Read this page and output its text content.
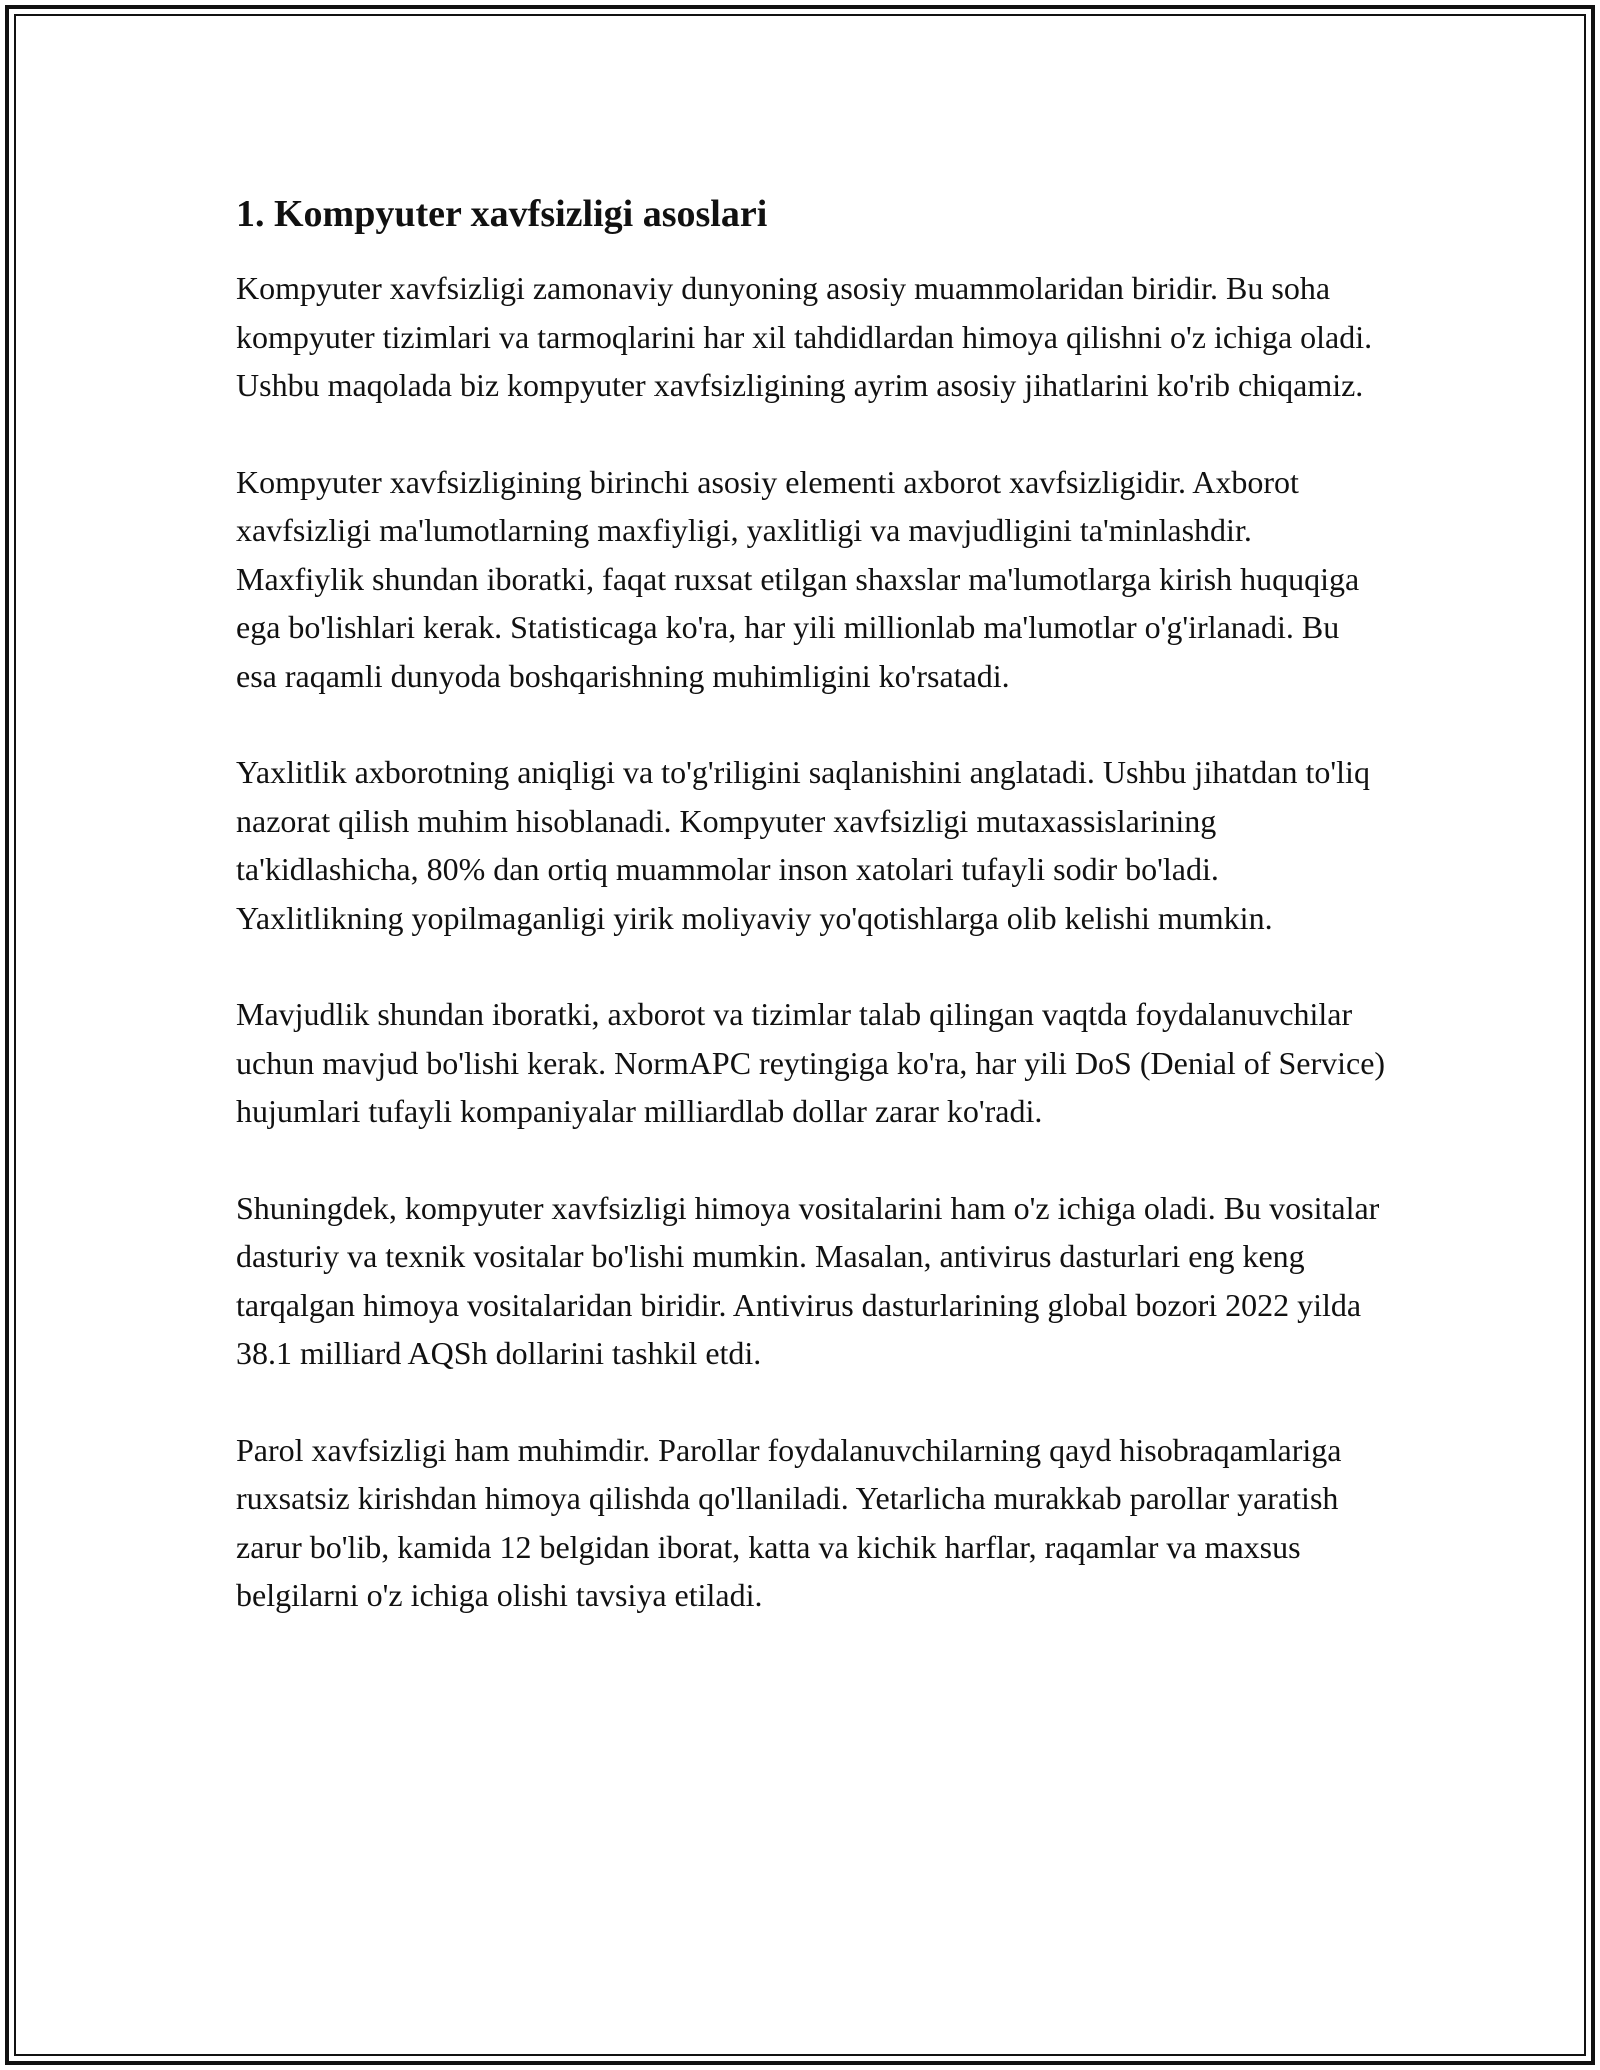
1. Kompyuter xavfsizligi asoslari

Kompyuter xavfsizligi zamonaviy dunyoning asosiy muammolaridan biridir. Bu soha kompyuter tizimlari va tarmoqlarini har xil tahdidlardan himoya qilishni o'z ichiga oladi. Ushbu maqolada biz kompyuter xavfsizligining ayrim asosiy jihatlarini ko'rib chiqamiz.

Kompyuter xavfsizligining birinchi asosiy elementi axborot xavfsizligidir. Axborot xavfsizligi ma'lumotlarning maxfiyligi, yaxlitligi va mavjudligini ta'minlashdir. Maxfiylik shundan iboratki, faqat ruxsat etilgan shaxslar ma'lumotlarga kirish huquqiga ega bo'lishlari kerak. Statisticaga ko'ra, har yili millionlab ma'lumotlar o'g'irlanadi. Bu esa raqamli dunyoda boshqarishning muhimligini ko'rsatadi.

Yaxlitlik axborotning aniqligi va to'g'riligini saqlanishini anglatadi. Ushbu jihatdan to'liq nazorat qilish muhim hisoblanadi. Kompyuter xavfsizligi mutaxassislarining ta'kidlashicha, 80% dan ortiq muammolar inson xatolari tufayli sodir bo'ladi. Yaxlitlikning yopilmaganligi yirik moliyaviy yo'qotishlarga olib kelishi mumkin.

Mavjudlik shundan iboratki, axborot va tizimlar talab qilingan vaqtda foydalanuvchilar uchun mavjud bo'lishi kerak. NormAPC reytingiga ko'ra, har yili DoS (Denial of Service) hujumlari tufayli kompaniyalar milliardlab dollar zarar ko'radi.

Shuningdek, kompyuter xavfsizligi himoya vositalarini ham o'z ichiga oladi. Bu vositalar dasturiy va texnik vositalar bo'lishi mumkin. Masalan, antivirus dasturlari eng keng tarqalgan himoya vositalaridan biridir. Antivirus dasturlarining global bozori 2022 yilda 38.1 milliard AQSh dollarini tashkil etdi.

Parol xavfsizligi ham muhimdir. Parollar foydalanuvchilarning qayd hisobraqamlariga ruxsatsiz kirishdan himoya qilishda qo'llaniladi. Yetarlicha murakkab parollar yaratish zarur bo'lib, kamida 12 belgidan iborat, katta va kichik harflar, raqamlar va maxsus belgilarni o'z ichiga olishi tavsiya etiladi.
